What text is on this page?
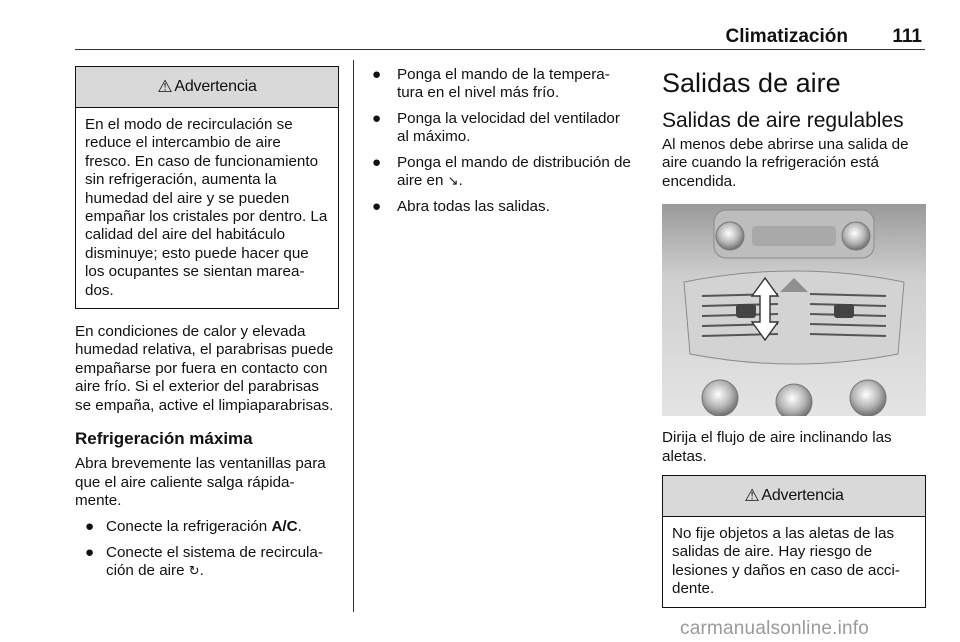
Climatización 111
⚠ Advertencia
En el modo de recirculación se reduce el intercambio de aire fresco. En caso de funcionamiento sin refrigeración, aumenta la humedad del aire y se pueden empañar los cristales por dentro. La calidad del aire del habitáculo disminuye; esto puede hacer que los ocupantes se sientan marea-dos.

En condiciones de calor y elevada humedad relativa, el parabrisas puede empañarse por fuera en contacto con aire frío. Si el exterior del parabrisas se empaña, active el limpiaparabrisas.

Refrigeración máxima

Abra brevemente las ventanillas para que el aire caliente salga rápida-mente.

● Conecte la refrigeración A/C.
● Conecte el sistema de recircula-ción de aire ↻.
● Ponga el mando de la tempera-tura en el nivel más frío.
● Ponga la velocidad del ventilador al máximo.
● Ponga el mando de distribución de aire en ↘.
● Abra todas las salidas.
Salidas de aire
Salidas de aire regulables

Al menos debe abrirse una salida de aire cuando la refrigeración está encendida.

Dirija el flujo de aire inclinando las aletas.

⚠ Advertencia
No fije objetos a las aletas de las salidas de aire. Hay riesgo de lesiones y daños en caso de acci-dente.
carmanualsonline.info
